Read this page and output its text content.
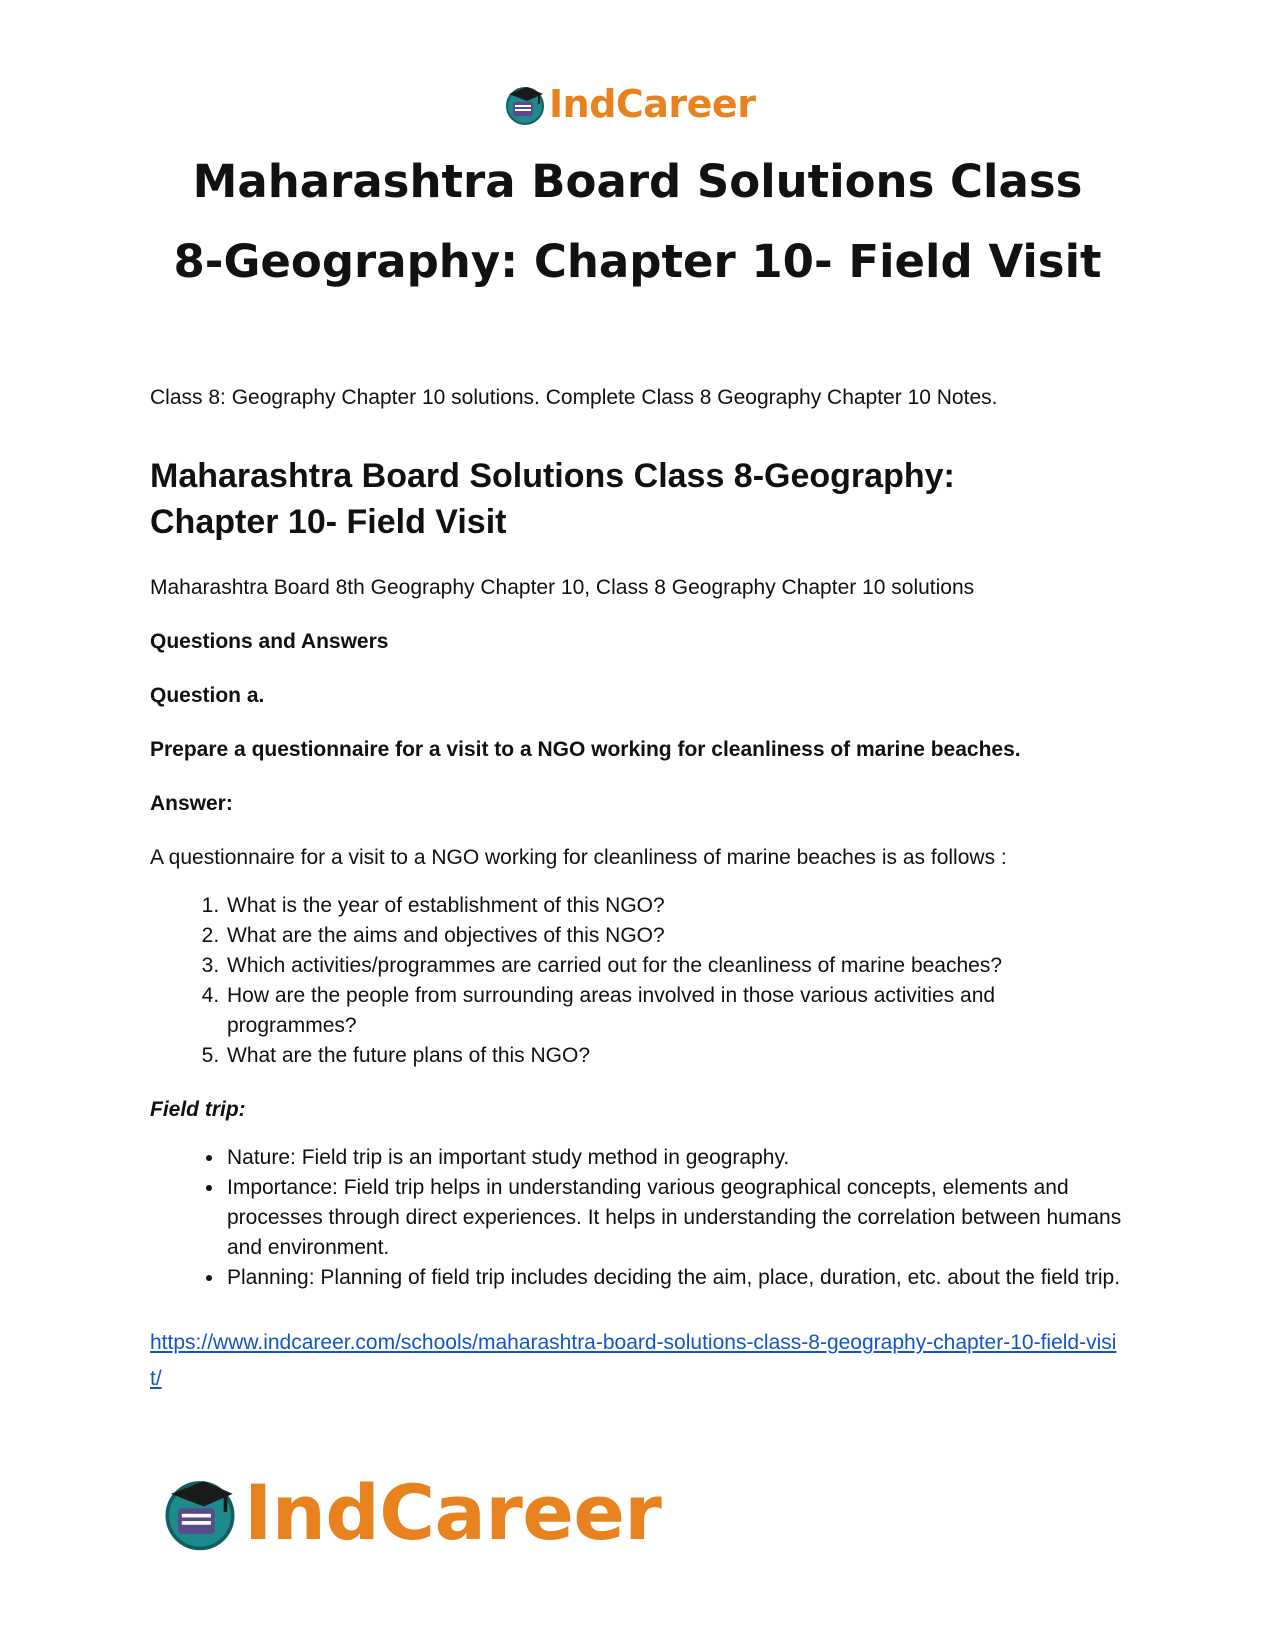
IndCareer
Maharashtra Board Solutions Class
8-Geography: Chapter 10- Field Visit

Class 8: Geography Chapter 10 solutions. Complete Class 8 Geography Chapter 10 Notes.

Maharashtra Board Solutions Class 8-Geography: Chapter 10- Field Visit

Maharashtra Board 8th Geography Chapter 10, Class 8 Geography Chapter 10 solutions

Questions and Answers

Question a.

Prepare a questionnaire for a visit to a NGO working for cleanliness of marine beaches.

Answer:

A questionnaire for a visit to a NGO working for cleanliness of marine beaches is as follows :

1. What is the year of establishment of this NGO?
2. What are the aims and objectives of this NGO?
3. Which activities/programmes are carried out for the cleanliness of marine beaches?
4. How are the people from surrounding areas involved in those various activities and programmes?
5. What are the future plans of this NGO?

Field trip:

• Nature: Field trip is an important study method in geography.
• Importance: Field trip helps in understanding various geographical concepts, elements and processes through direct experiences. It helps in understanding the correlation between humans and environment.
• Planning: Planning of field trip includes deciding the aim, place, duration, etc. about the field trip.
https://www.indcareer.com/schools/maharashtra-board-solutions-class-8-geography-chapter-10-field-visit/
IndCareer
